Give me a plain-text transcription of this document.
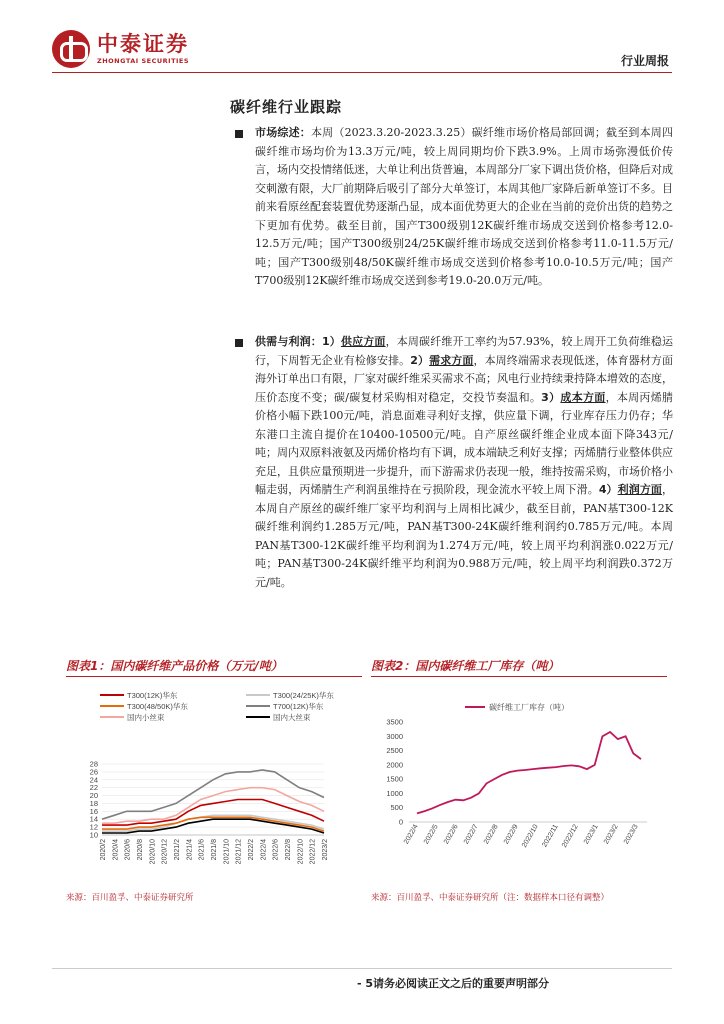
中泰证券
ZHONGTAI SECURITIES	行业周报
碳纤维行业跟踪

市场综述：本周（2023.3.20-2023.3.25）碳纤维市场价格局部回调；截至到本周四碳纤维市场均价为13.3万元/吨，较上周同期均价下跌3.9%。上周市场弥漫低价传言，场内交投情绪低迷，大单让利出货普遍，本周部分厂家下调出货价格，但降后对成交刺激有限，大厂前期降后吸引了部分大单签订，本周其他厂家降后新单签订不多。目前来看原丝配套装置优势逐渐凸显，成本面优势更大的企业在当前的竞价出货的趋势之下更加有优势。截至目前，国产T300级别12K碳纤维市场成交送到价格参考12.0-12.5万元/吨；国产T300级别24/25K碳纤维市场成交送到价格参考11.0-11.5万元/吨；国产T300级别48/50K碳纤维市场成交送到价格参考10.0-10.5万元/吨；国产T700级别12K碳纤维市场成交送到参考19.0-20.0万元/吨。

供需与利润：1）供应方面，本周碳纤维开工率约为57.93%，较上周开工负荷维稳运行，下周暂无企业有检修安排。2）需求方面，本周终端需求表现低迷，体育器材方面海外订单出口有限，厂家对碳纤维采买需求不高；风电行业持续秉持降本增效的态度，压价态度不变；碳/碳复材采购相对稳定，交投节奏温和。3）成本方面，本周丙烯腈价格小幅下跌100元/吨，消息面难寻利好支撑，供应量下调，行业库存压力仍存；华东港口主流自提价在10400-10500元/吨。自产原丝碳纤维企业成本面下降343元/吨；周内双原料液氨及丙烯价格均有下调，成本端缺乏利好支撑；丙烯腈行业整体供应充足，且供应量预期进一步提升，而下游需求仍表现一般，维持按需采购，市场价格小幅走弱，丙烯腈生产利润虽维持在亏损阶段，现金流水平较上周下滑。4）利润方面，本周自产原丝的碳纤维厂家平均利润与上周相比减少，截至目前，PAN基T300-12K碳纤维利润约1.285万元/吨，PAN基T300-24K碳纤维利润约0.785万元/吨。本周PAN基T300-12K碳纤维平均利润为1.274万元/吨，较上周平均利润涨0.022万元/吨；PAN基T300-24K碳纤维平均利润为0.988万元/吨，较上周平均利润跌0.372万元/吨。

图表1：国内碳纤维产品价格（万元/吨）
T300(12K)华东	T300(24/25K)华东
T300(48/50K)华东	T700(12K)华东
国内小丝束	国内大丝束
10
12
14
16
18
20
22
24
26
28
2020/2 2020/4 2020/6 2020/8 2020/10 2020/12 2021/2 2021/4 2021/6 2021/8 2021/10 2021/12 2022/2 2022/4 2022/6 2022/8 2022/10 2022/12 2023/2
来源：百川盈孚、中泰证券研究所
图表2：国内碳纤维工厂库存（吨）
碳纤维工厂库存（吨）
0
500
1000
1500
2000
2500
3000
3500
2022/4 2022/5 2022/6 2022/7 2022/8 2022/9 2022/10 2022/11 2022/12 2023/1 2023/2 2023/3
来源：百川盈孚、中泰证券研究所（注：数据样本口径有调整）
- 5请务必阅读正文之后的重要声明部分
